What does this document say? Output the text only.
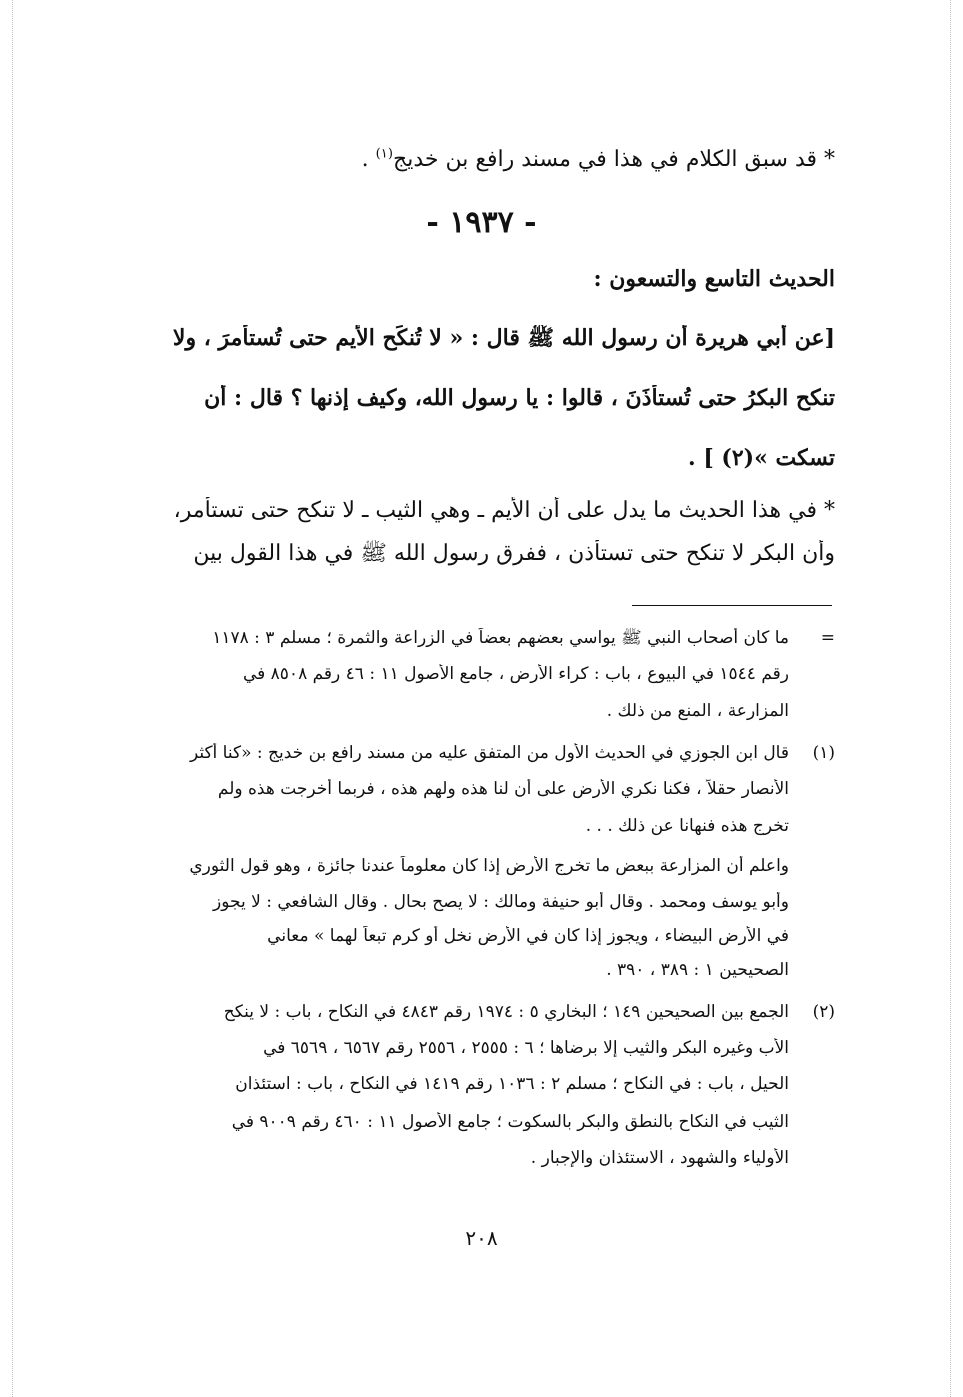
* قد سبق الكلام في هذا في مسند رافع بن خديج$^{(١)}$ .
- ١٩٣٧ -
الحديث التاسع والتسعون :
[عن أبي هريرة أن رسول الله ﷺ قال : « لا تُنكَح الأيم حتى تُستأمرَ ، ولا
تنكح البكرُ حتى تُستأذَنَ ، قالوا : يا رسول الله، وكيف إذنها ؟ قال : أن
تسكت »(٢) ] .
* في هذا الحديث ما يدل على أن الأيم ـ وهي الثيب ـ لا تنكح حتى تستأمر،
وأن البكر لا تنكح حتى تستأذن ، ففرق رسول الله ﷺ في هذا القول بين
=
ما كان أصحاب النبي ﷺ يواسي بعضهم بعضاً في الزراعة والثمرة ؛ مسلم ٣ : ١١٧٨
رقم ١٥٤٤ في البيوع ، باب : كراء الأرض ، جامع الأصول ١١ : ٤٦ رقم ٨٥٠٨ في
المزارعة ، المنع من ذلك .
(١)
قال ابن الجوزي في الحديث الأول من المتفق عليه من مسند رافع بن خديج : «كنا أكثر
الأنصار حقلاً ، فكنا نكري الأرض على أن لنا هذه ولهم هذه ، فربما أخرجت هذه ولم
تخرج هذه فنهانا عن ذلك . . .
واعلم أن المزارعة ببعض ما تخرج الأرض إذا كان معلوماً عندنا جائزة ، وهو قول الثوري
وأبو يوسف ومحمد . وقال أبو حنيفة ومالك : لا يصح بحال . وقال الشافعي : لا يجوز
في الأرض البيضاء ، ويجوز إذا كان في الأرض نخل أو كرم تبعاً لهما » معاني
الصحيحين ١ : ٣٨٩ ، ٣٩٠ .
(٢)
الجمع بين الصحيحين ١٤٩ ؛ البخاري ٥ : ١٩٧٤ رقم ٤٨٤٣ في النكاح ، باب : لا ينكح
الأب وغيره البكر والثيب إلا برضاها ؛ ٦ : ٢٥٥٥ ، ٢٥٥٦ رقم ٦٥٦٧ ، ٦٥٦٩ في
الحيل ، باب : في النكاح ؛ مسلم ٢ : ١٠٣٦ رقم ١٤١٩ في النكاح ، باب : استئذان
الثيب في النكاح بالنطق والبكر بالسكوت ؛ جامع الأصول ١١ : ٤٦٠ رقم ٩٠٠٩ في
الأولياء والشهود ، الاستئذان والإجبار .
٢٠٨
